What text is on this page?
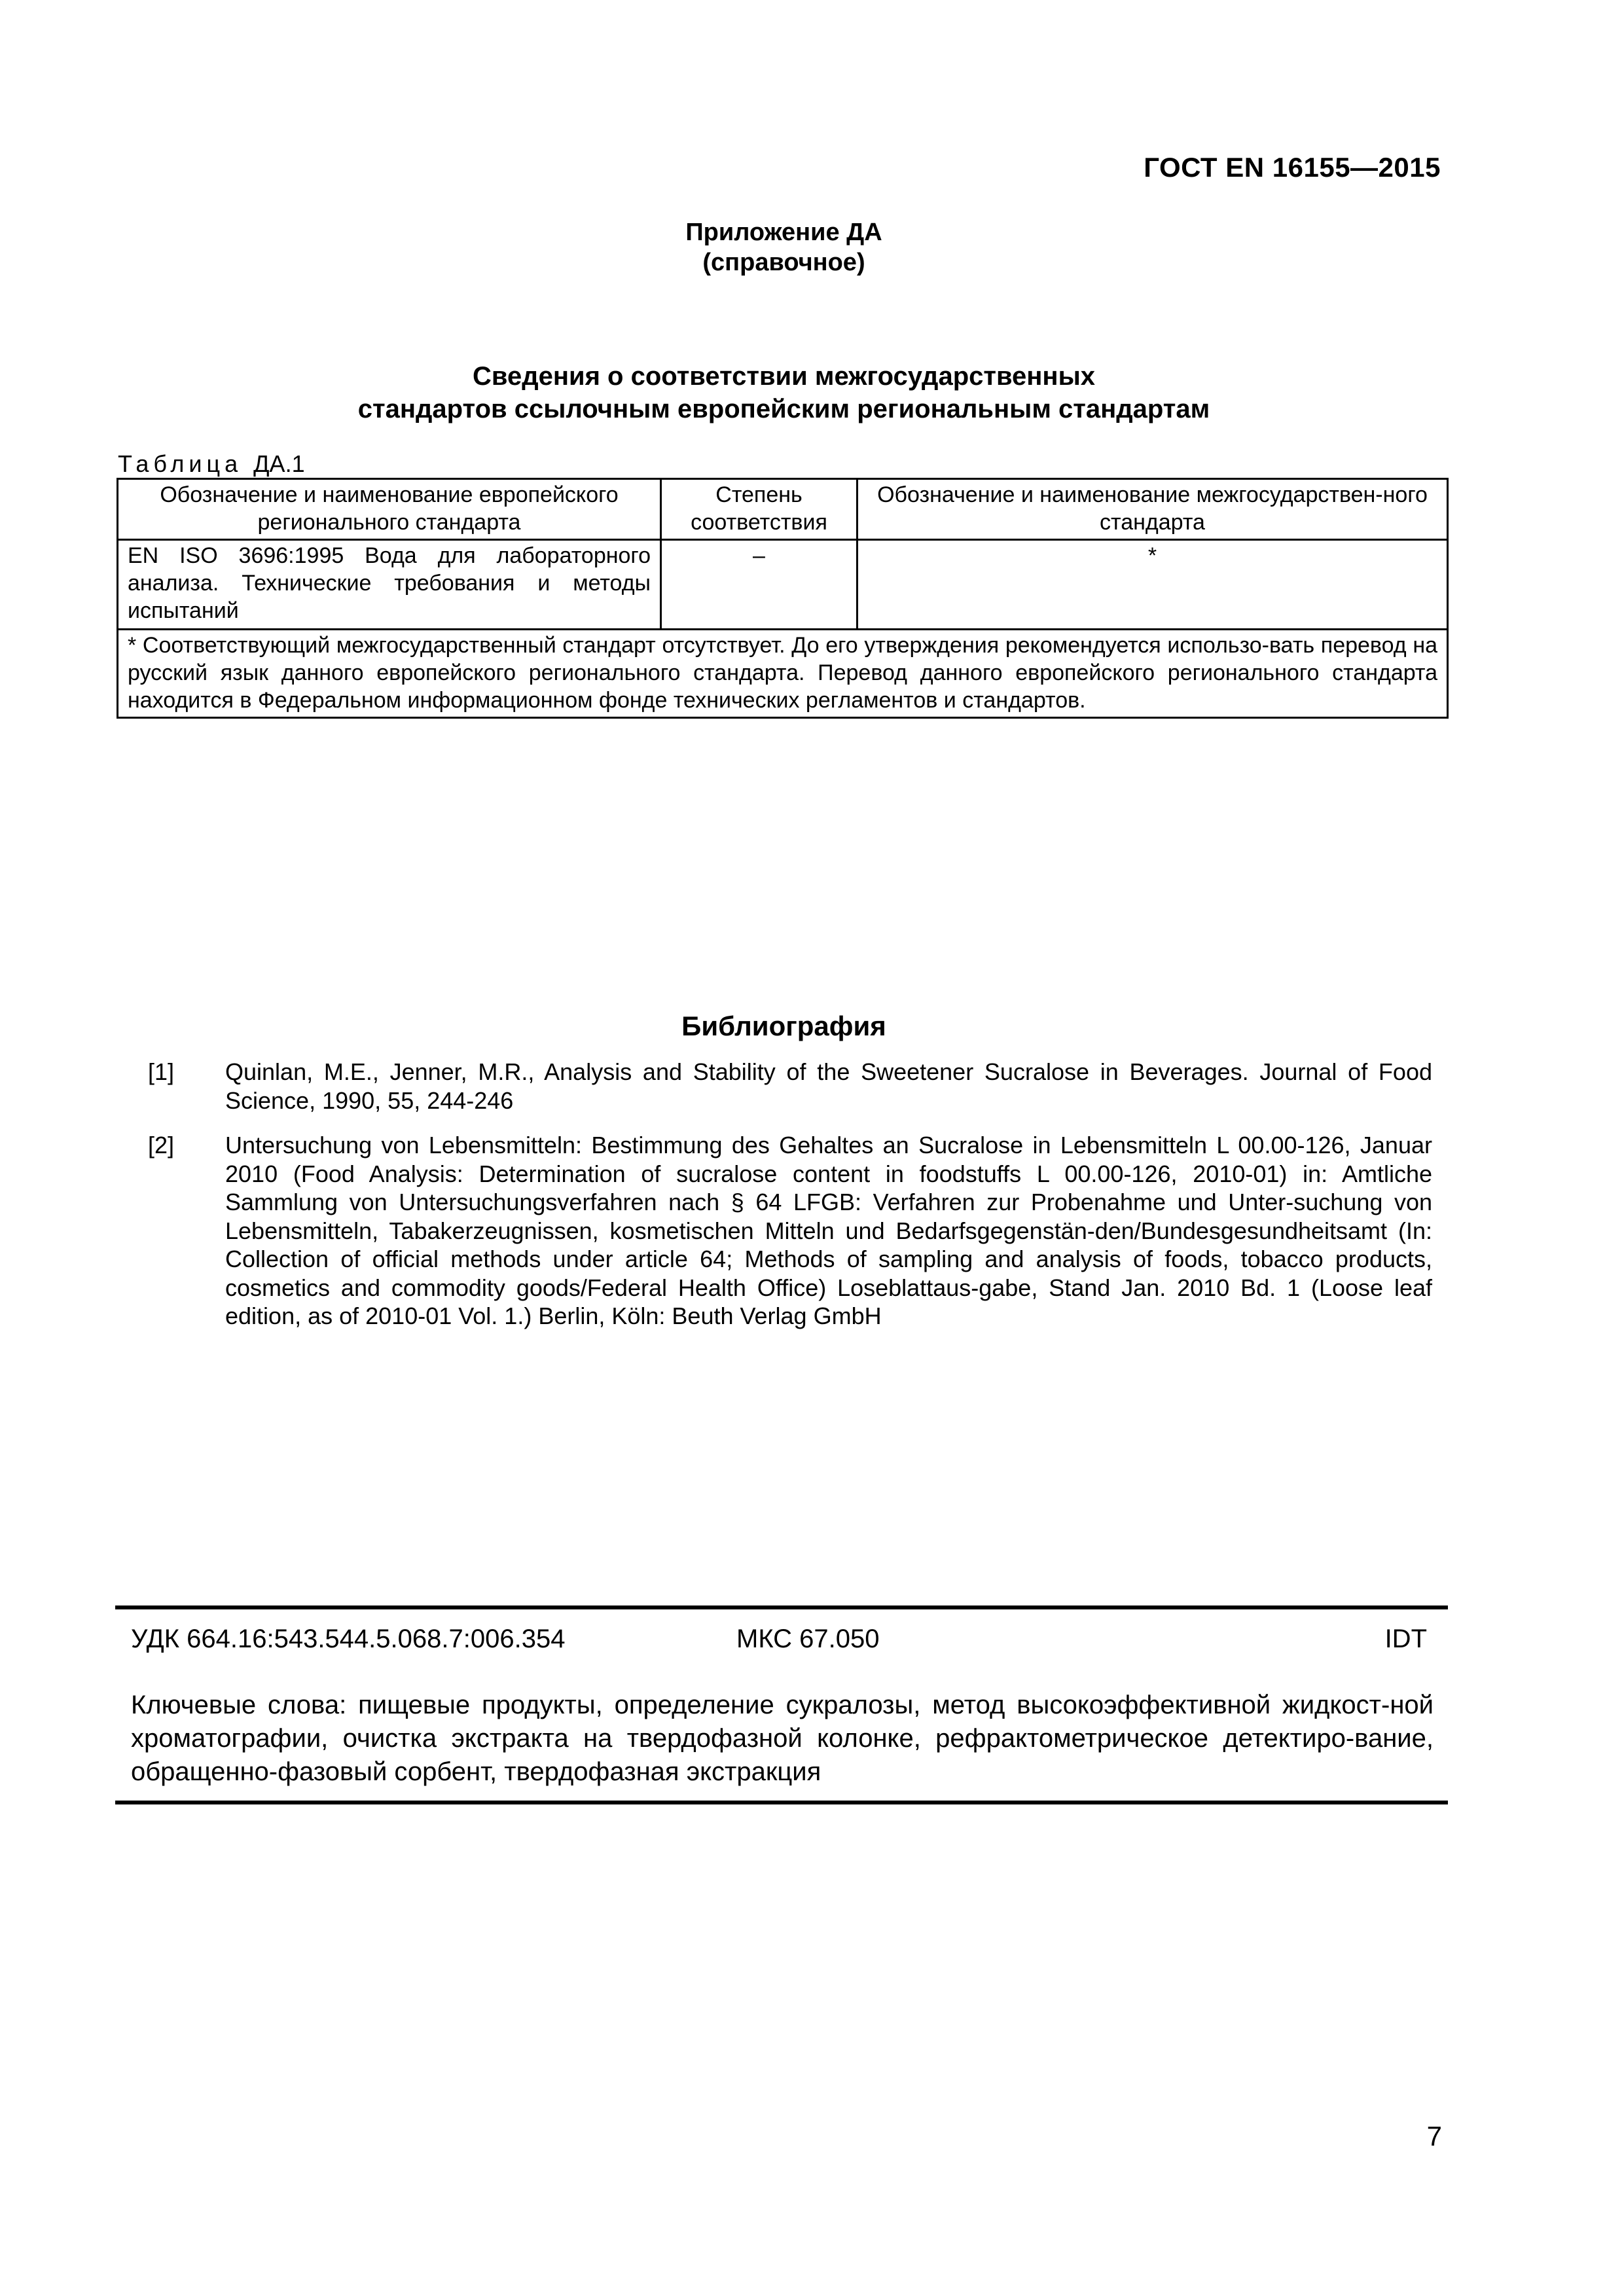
ГОСТ EN 16155—2015
Приложение ДА
(справочное)
Сведения о соответствии межгосударственных
стандартов ссылочным европейским региональным стандартам
Таблица ДА.1
Обозначение и наименование европейского регионального стандарта	Степень соответствия	Обозначение и наименование межгосударствен-ного стандарта
EN ISO 3696:1995 Вода для лабораторного анализа. Технические требования и методы испытаний	–	*
* Соответствующий межгосударственный стандарт отсутствует. До его утверждения рекомендуется использо-вать перевод на русский язык данного европейского регионального стандарта. Перевод данного европейского регионального стандарта находится в Федеральном информационном фонде технических регламентов и стандартов.		
Библиография
[1] Quinlan, M.E., Jenner, M.R., Analysis and Stability of the Sweetener Sucralose in Beverages. Journal of Food Science, 1990, 55, 244-246
[2] Untersuchung von Lebensmitteln: Bestimmung des Gehaltes an Sucralose in Lebensmitteln L 00.00-126, Januar 2010 (Food Analysis: Determination of sucralose content in foodstuffs L 00.00-126, 2010-01) in: Amtliche Sammlung von Untersuchungsverfahren nach § 64 LFGB: Verfahren zur Probenahme und Unter-suchung von Lebensmitteln, Tabakerzeugnissen, kosmetischen Mitteln und Bedarfsgegenstän-den/Bundesgesundheitsamt (In: Collection of official methods under article 64; Methods of sampling and analysis of foods, tobacco products, cosmetics and commodity goods/Federal Health Office) Loseblattaus-gabe, Stand Jan. 2010 Bd. 1 (Loose leaf edition, as of 2010-01 Vol. 1.) Berlin, Köln: Beuth Verlag GmbH
УДК 664.16:543.544.5.068.7:006.354	МКС 67.050	IDT
Ключевые слова: пищевые продукты, определение сукралозы, метод высокоэффективной жидкост-ной хроматографии, очистка экстракта на твердофазной колонке, рефрактометрическое детектиро-вание, обращенно-фазовый сорбент, твердофазная экстракция
7
